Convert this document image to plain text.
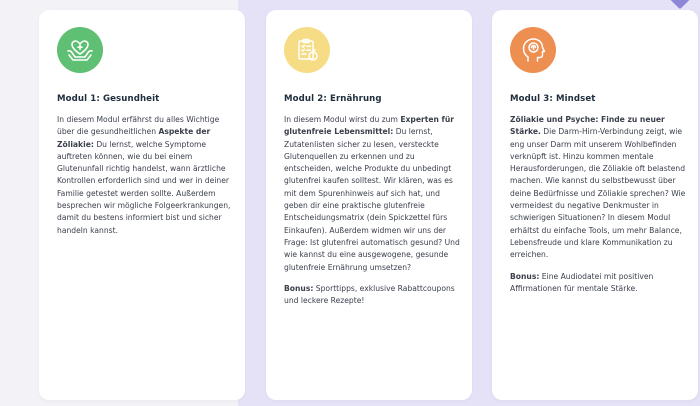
Modul 1: Gesundheit

In diesem Modul erfährst du alles Wichtige über die gesundheitlichen Aspekte der Zöliakie: Du lernst, welche Symptome auftreten können, wie du bei einem Glutenunfall richtig handelst, wann ärztliche Kontrollen erforderlich sind und wer in deiner Familie getestet werden sollte. Außerdem besprechen wir mögliche Folgeerkrankungen, damit du bestens informiert bist und sicher handeln kannst.

Modul 2: Ernährung

In diesem Modul wirst du zum Experten für glutenfreie Lebensmittel: Du lernst, Zutatenlisten sicher zu lesen, versteckte Glutenquellen zu erkennen und zu entscheiden, welche Produkte du unbedingt glutenfrei kaufen solltest. Wir klären, was es mit dem Spurenhinweis auf sich hat, und geben dir eine praktische glutenfreie Entscheidungsmatrix (dein Spickzettel fürs Einkaufen). Außerdem widmen wir uns der Frage: Ist glutenfrei automatisch gesund? Und wie kannst du eine ausgewogene, gesunde glutenfreie Ernährung umsetzen?

Bonus: Sporttipps, exklusive Rabattcoupons und leckere Rezepte!

Modul 3: Mindset

Zöliakie und Psyche: Finde zu neuer Stärke. Die Darm-Hirn-Verbindung zeigt, wie eng unser Darm mit unserem Wohlbefinden verknüpft ist. Hinzu kommen mentale Herausforderungen, die Zöliakie oft belastend machen. Wie kannst du selbstbewusst über deine Bedürfnisse und Zöliakie sprechen? Wie vermeidest du negative Denkmuster in schwierigen Situationen? In diesem Modul erhältst du einfache Tools, um mehr Balance, Lebensfreude und klare Kommunikation zu erreichen.

Bonus: Eine Audiodatei mit positiven Affirmationen für mentale Stärke.
